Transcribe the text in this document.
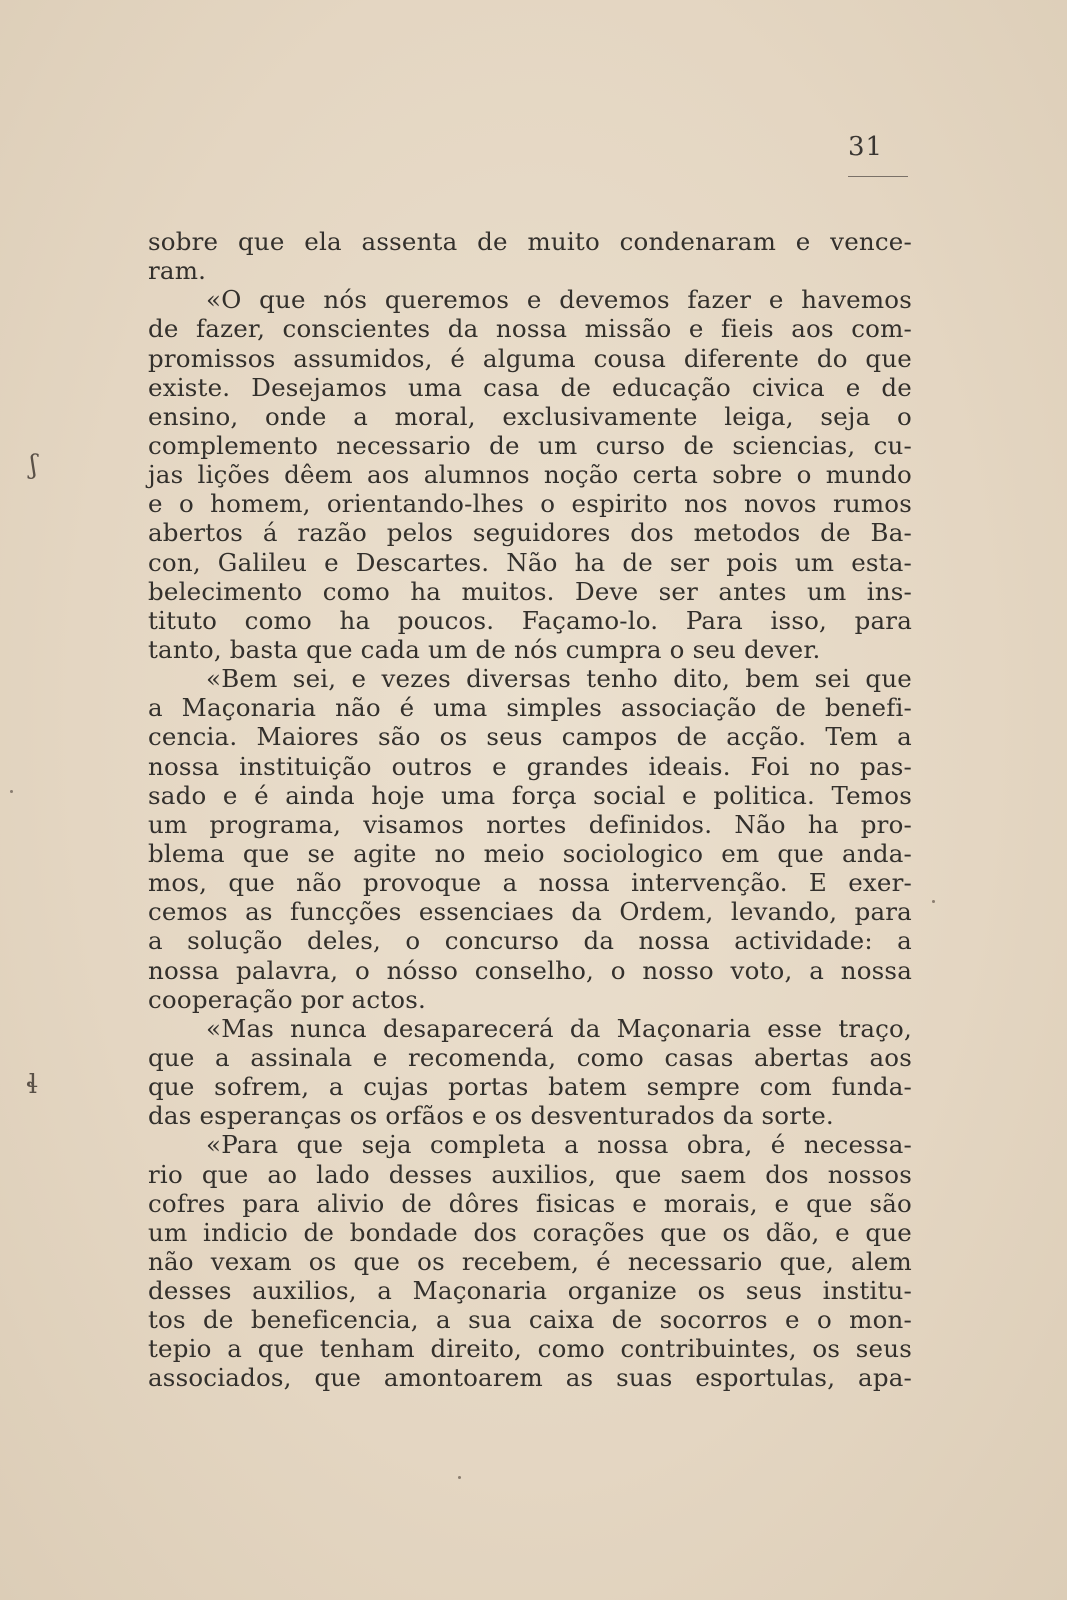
31
sobre que ela assenta de muito condenaram e vence-
ram.
«O que nós queremos e devemos fazer e havemos
de fazer, conscientes da nossa missão e fieis aos com-
promissos assumidos, é alguma cousa diferente do que
existe. Desejamos uma casa de educação civica e de
ensino, onde a moral, exclusivamente leiga, seja o
complemento necessario de um curso de sciencias, cu-
jas lições dêem aos alumnos noção certa sobre o mundo
e o homem, orientando-lhes o espirito nos novos rumos
abertos á razão pelos seguidores dos metodos de Ba-
con, Galileu e Descartes. Não ha de ser pois um esta-
belecimento como ha muitos. Deve ser antes um ins-
tituto como ha poucos. Façamo-lo. Para isso, para
tanto, basta que cada um de nós cumpra o seu dever.
«Bem sei, e vezes diversas tenho dito, bem sei que
a Maçonaria não é uma simples associação de benefi-
cencia. Maiores são os seus campos de acção. Tem a
nossa instituição outros e grandes ideais. Foi no pas-
sado e é ainda hoje uma força social e politica. Temos
um programa, visamos nortes definidos. Não ha pro-
blema que se agite no meio sociologico em que anda-
mos, que não provoque a nossa intervenção. E exer-
cemos as funcções essenciaes da Ordem, levando, para
a solução deles, o concurso da nossa actividade: a
nossa palavra, o nósso conselho, o nosso voto, a nossa
cooperação por actos.
«Mas nunca desaparecerá da Maçonaria esse traço,
que a assinala e recomenda, como casas abertas aos
que sofrem, a cujas portas batem sempre com funda-
das esperanças os orfãos e os desventurados da sorte.
«Para que seja completa a nossa obra, é necessa-
rio que ao lado desses auxilios, que saem dos nossos
cofres para alivio de dôres fisicas e morais, e que são
um indicio de bondade dos corações que os dão, e que
não vexam os que os recebem, é necessario que, alem
desses auxilios, a Maçonaria organize os seus institu-
tos de beneficencia, a sua caixa de socorros e o mon-
tepio a que tenham direito, como contribuintes, os seus
associados, que amontoarem as suas esportulas, apa-
ʃ
ɬ
